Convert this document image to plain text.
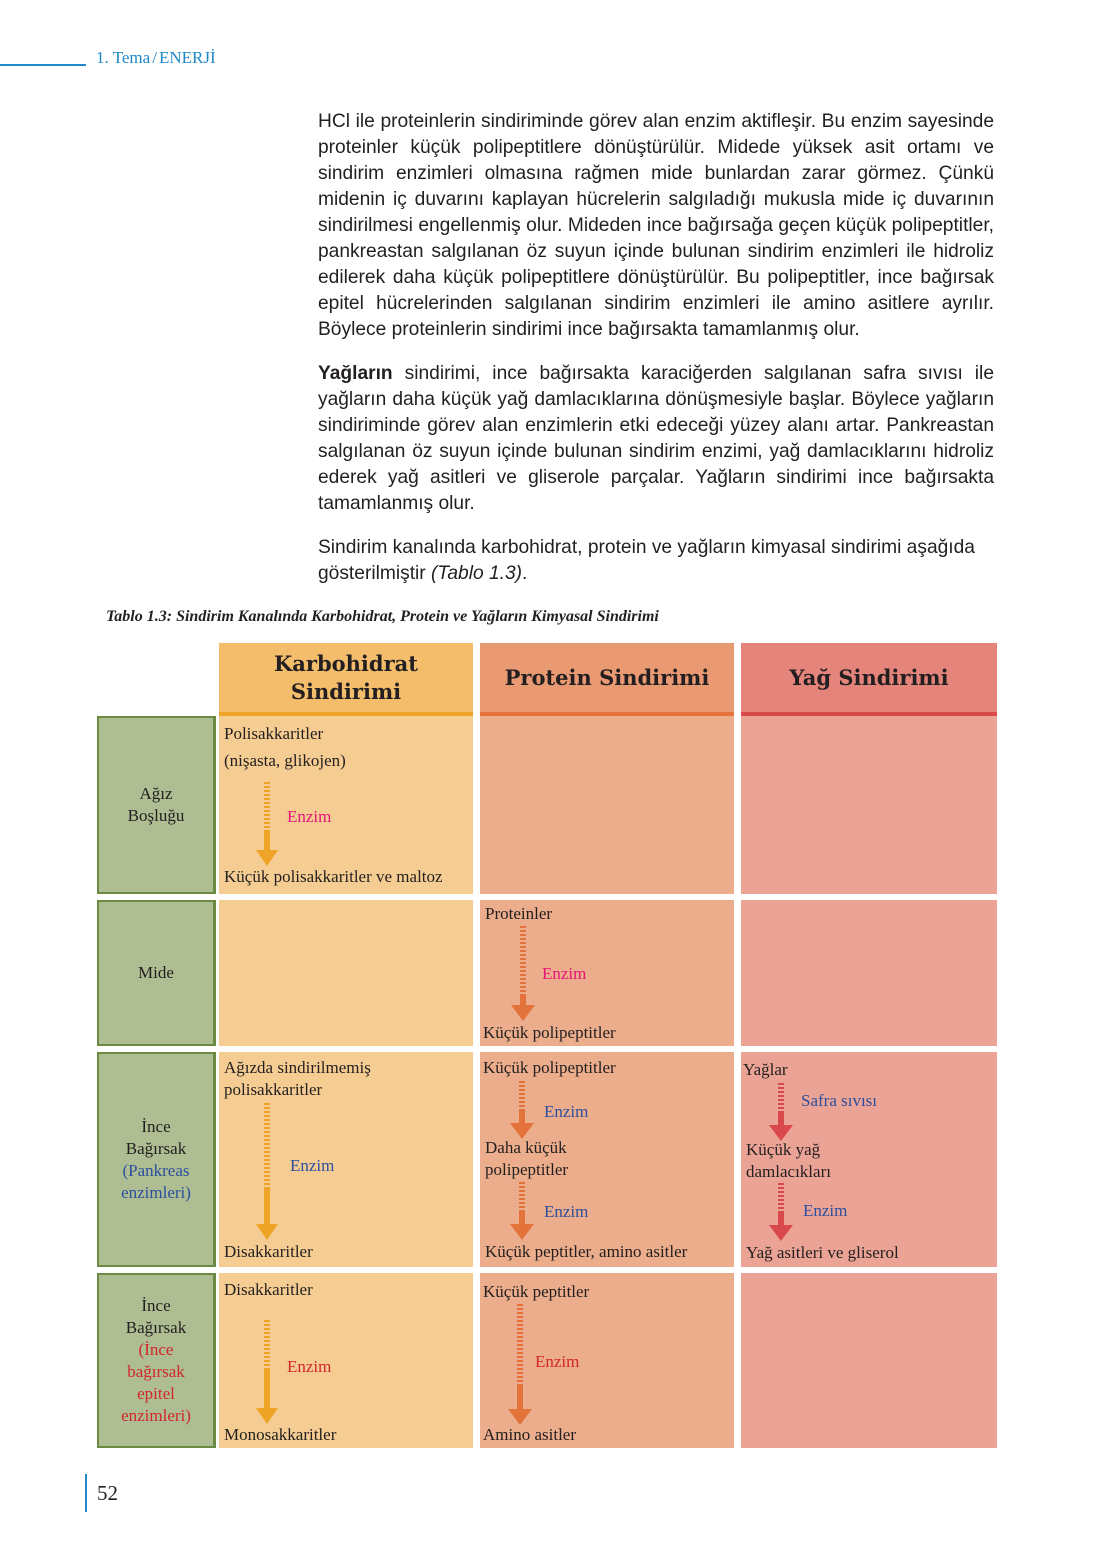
1. Tema / ENERJİ

HCl ile proteinlerin sindiriminde görev alan enzim aktifleşir. Bu enzim sayesinde proteinler küçük polipeptitlere dönüştürülür. Midede yüksek asit ortamı ve sindirim enzimleri olmasına rağmen mide bunlardan zarar görmez. Çünkü midenin iç duvarını kaplayan hücrelerin salgıladığı mukusla mide iç duvarının sindirilmesi engellenmiş olur. Mideden ince bağırsağa geçen küçük polipeptitler, pankreastan salgılanan öz suyun içinde bulunan sindirim enzimleri ile hidroliz edilerek daha küçük polipeptitlere dönüştürülür. Bu polipeptitler, ince bağırsak epitel hücrelerinden salgılanan sindirim enzimleri ile amino asitlere ayrılır. Böylece proteinlerin sindirimi ince bağırsakta tamamlanmış olur.

Yağların sindirimi, ince bağırsakta karaciğerden salgılanan safra sıvısı ile yağların daha küçük yağ damlacıklarına dönüşmesiyle başlar. Böylece yağların sindiriminde görev alan enzimlerin etki edeceği yüzey alanı artar. Pankreastan salgılanan öz suyun içinde bulunan sindirim enzimi, yağ damlacıklarını hidroliz ederek yağ asitleri ve gliserole parçalar. Yağların sindirimi ince bağırsakta tamamlanmış olur.

Sindirim kanalında karbohidrat, protein ve yağların kimyasal sindirimi aşağıda gösterilmiştir (Tablo 1.3).

Tablo 1.3: Sindirim Kanalında Karbohidrat, Protein ve Yağların Kimyasal Sindirimi
Karbohidrat
Sindirimi
Protein Sindirimi	Yağ Sindirimi
Ağız
Boşluğu
Mide
İnce
Bağırsak
(Pankreas
enzimleri)
İnce
Bağırsak
(İnce
bağırsak
epitel
enzimleri)
Polisakkaritler
(nişasta, glikojen)
Enzim
Küçük polisakkaritler ve maltoz
Proteinler
Enzim
Küçük polipeptitler
Ağızda sindirilmemiş
polisakkaritler
Enzim
Disakkaritler
Küçük polipeptitler
Enzim
Daha küçük
polipeptitler
Enzim
Küçük peptitler, amino asitler
Yağlar
Safra sıvısı
Küçük yağ
damlacıkları
Enzim
Yağ asitleri ve gliserol
Disakkaritler
Enzim
Monosakkaritler
Küçük peptitler
Enzim
Amino asitler
52
